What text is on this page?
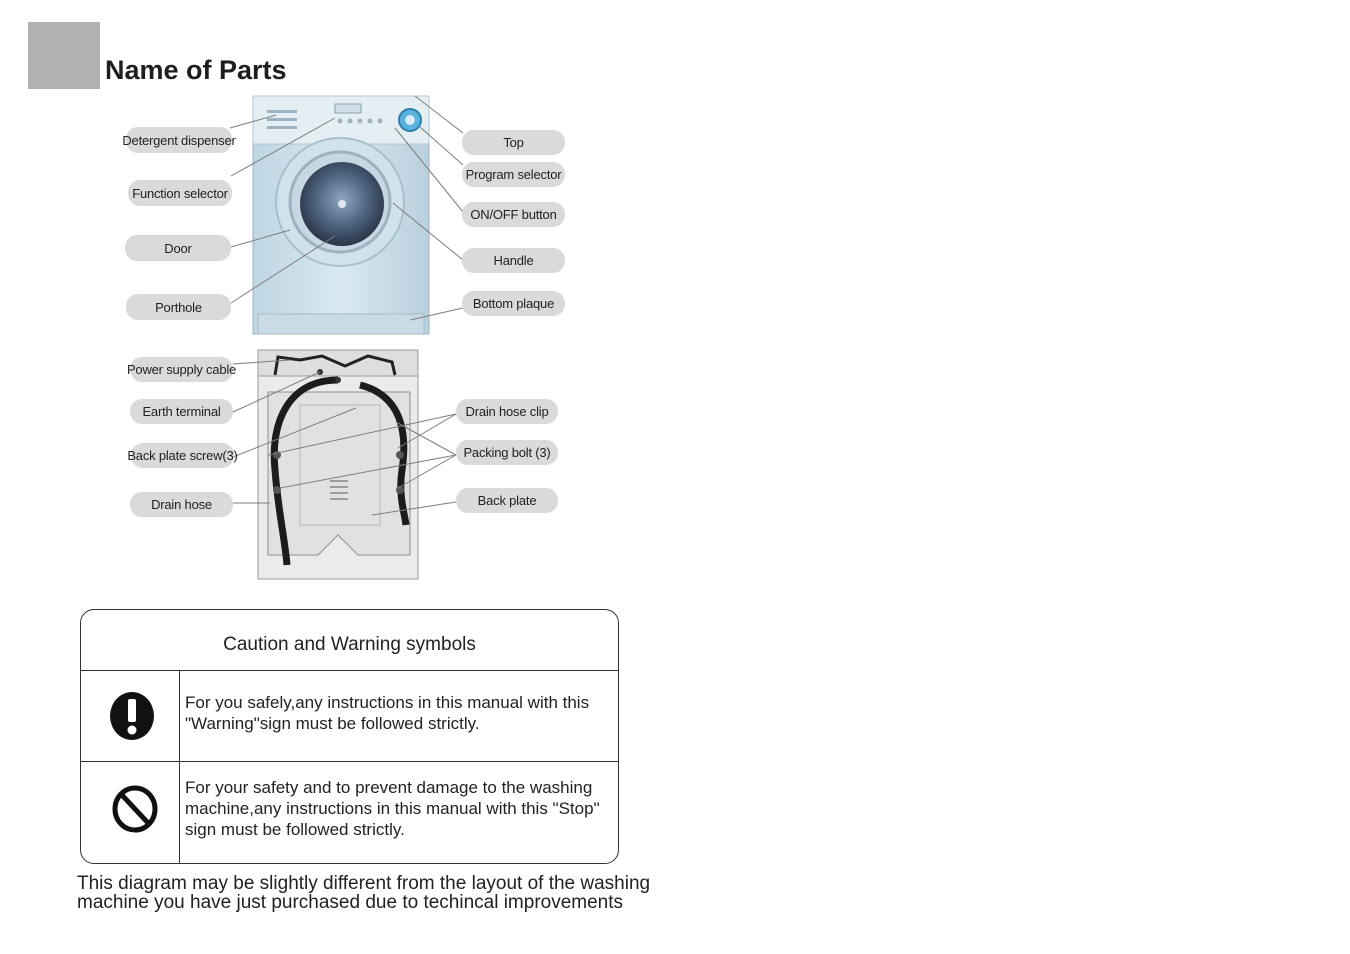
Name of Parts
Detergent dispenser
Function selector
Door
Porthole
Top
Program selector
ON/OFF button
Handle
Bottom plaque
Power supply cable
Earth terminal
Back plate screw(3)
Drain hose
Drain hose clip
Packing bolt (3)
Back plate
Caution and Warning symbols
For you safely,any instructions in this manual with this "Warning"sign must be followed strictly.
For your safety and to prevent damage to the washing machine,any instructions in this manual with this "Stop" sign must be followed strictly.
This diagram may be slightly different from the layout of the washing machine you have just purchased due to techincal improvements
